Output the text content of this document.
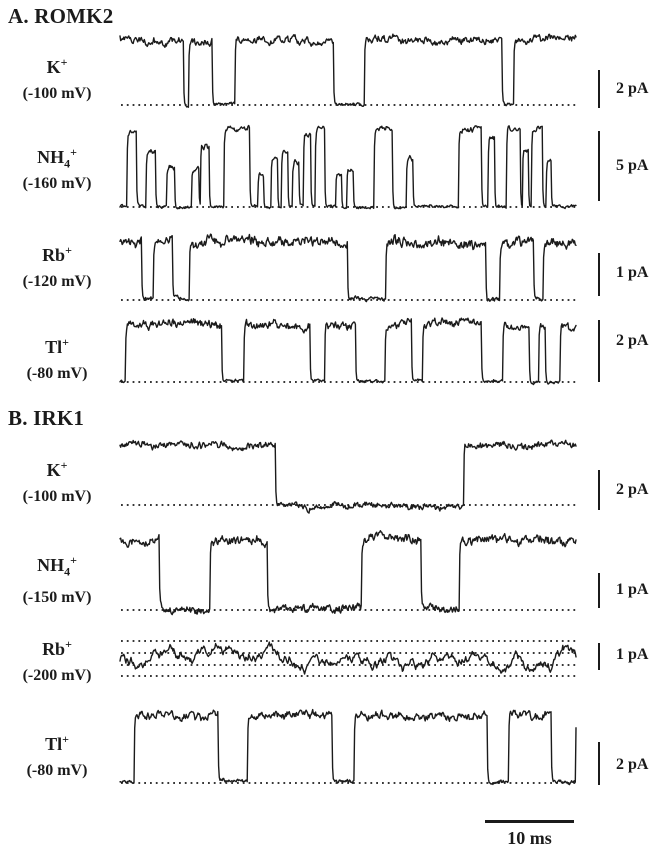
A. ROMK2
K+
(-100 mV)	2 pA
$NH_4^+$
(-160 mV)
5 pA
Rb+
(-120 mV)
1 pA
Tl+
(-80 mV)
2 pA
B. IRK1
K+
(-100 mV)	2 pA
$NH_4^+$
(-150 mV)	1 pA
Rb+
(-200 mV)
1 pA
Tl+
(-80 mV)	2 pA
10 ms
